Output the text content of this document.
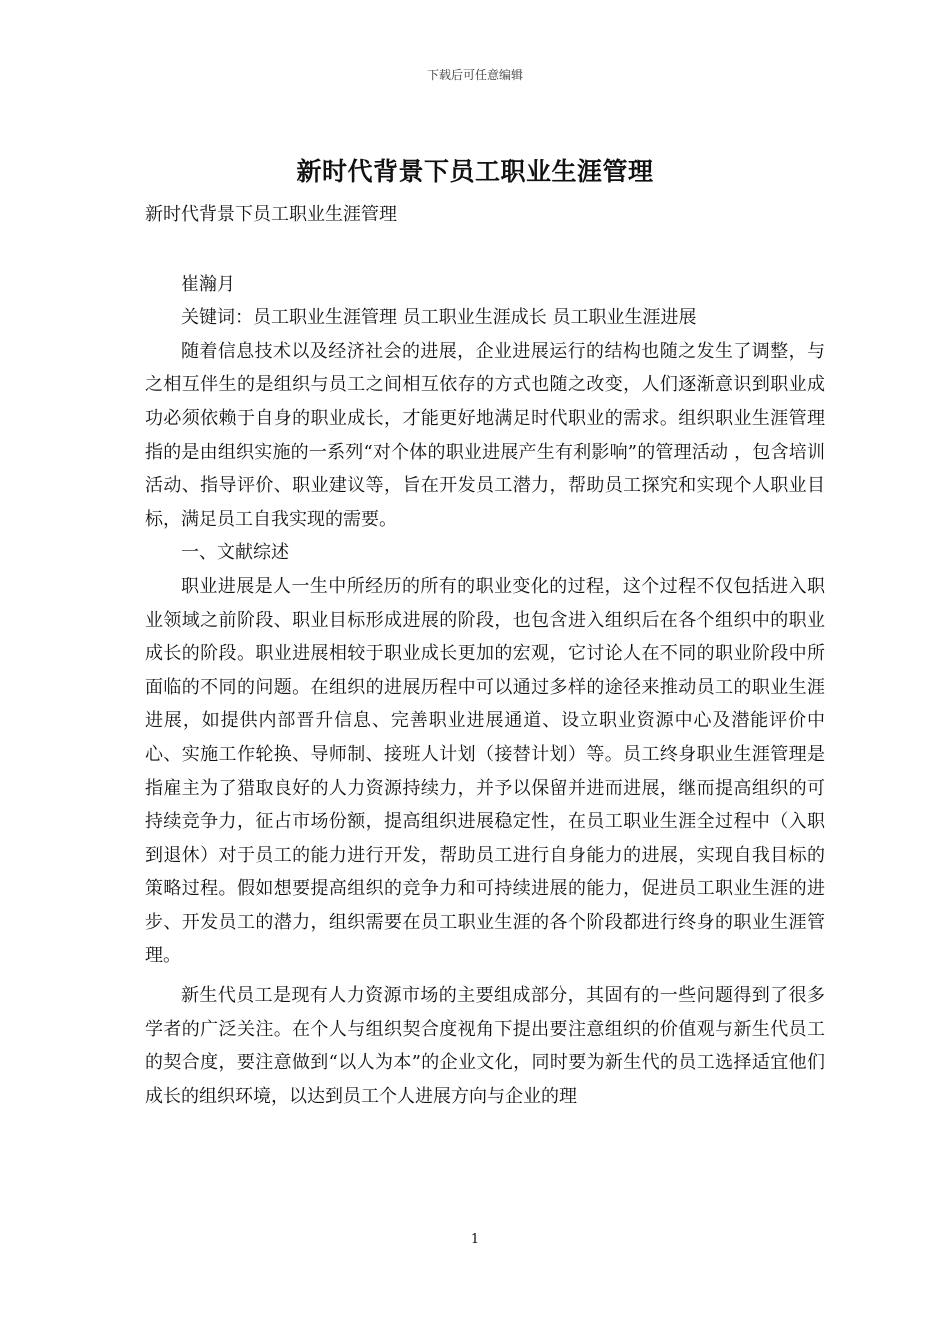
下载后可任意编辑
新时代背景下员工职业生涯管理

新时代背景下员工职业生涯管理

崔瀚月

关键词：员工职业生涯管理 员工职业生涯成长 员工职业生涯进展

随着信息技术以及经济社会的进展，企业进展运行的结构也随之发生了调整，与之相互伴生的是组织与员工之间相互依存的方式也随之改变，人们逐渐意识到职业成功必须依赖于自身的职业成长，才能更好地满足时代职业的需求。组织职业生涯管理指的是由组织实施的一系列“对个体的职业进展产生有利影响”的管理活动 ，包含培训活动、指导评价、职业建议等，旨在开发员工潜力，帮助员工探究和实现个人职业目标，满足员工自我实现的需要。

一、文献综述

职业进展是人一生中所经历的所有的职业变化的过程，这个过程不仅包括进入职业领域之前阶段、职业目标形成进展的阶段，也包含进入组织后在各个组织中的职业成长的阶段。职业进展相较于职业成长更加的宏观，它讨论人在不同的职业阶段中所面临的不同的问题。在组织的进展历程中可以通过多样的途径来推动员工的职业生涯进展，如提供内部晋升信息、完善职业进展通道、设立职业资源中心及潜能评价中心、实施工作轮换、导师制、接班人计划（接替计划）等。员工终身职业生涯管理是指雇主为了猎取良好的人力资源持续力，并予以保留并进而进展，继而提高组织的可持续竞争力，征占市场份额，提高组织进展稳定性，在员工职业生涯全过程中（入职到退休）对于员工的能力进行开发，帮助员工进行自身能力的进展，实现自我目标的策略过程。假如想要提高组织的竞争力和可持续进展的能力，促进员工职业生涯的进步、开发员工的潜力，组织需要在员工职业生涯的各个阶段都进行终身的职业生涯管理。

新生代员工是现有人力资源市场的主要组成部分，其固有的一些问题得到了很多学者的广泛关注。在个人与组织契合度视角下提出要注意组织的价值观与新生代员工的契合度，要注意做到“以人为本”的企业文化，同时要为新生代的员工选择适宜他们成长的组织环境，以达到员工个人进展方向与企业的理

1
